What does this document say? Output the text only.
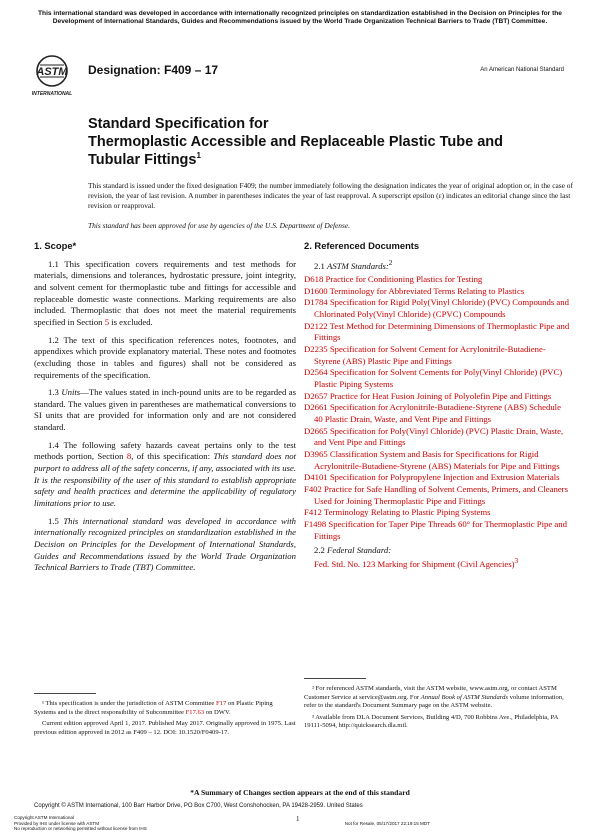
This international standard was developed in accordance with internationally recognized principles on standardization established in the Decision on Principles for the Development of International Standards, Guides and Recommendations issued by the World Trade Organization Technical Barriers to Trade (TBT) Committee.
ASTM
INTERNATIONAL
Designation: F409 – 17	An American National Standard
Standard Specification for
Thermoplastic Accessible and Replaceable Plastic Tube and
Tubular Fittings$^1$
This standard is issued under the fixed designation F409; the number immediately following the designation indicates the year of original adoption or, in the case of revision, the year of last revision. A number in parentheses indicates the year of last reapproval. A superscript epsilon (ε) indicates an editorial change since the last revision or reapproval.
This standard has been approved for use by agencies of the U.S. Department of Defense.
1. Scope*

1.1 This specification covers requirements and test methods for materials, dimensions and tolerances, hydrostatic pressure, joint integrity, and solvent cement for thermoplastic tube and fittings for accessible and replaceable domestic waste connections. Marking requirements are also included. Thermoplastic that does not meet the material requirements specified in Section 5 is excluded.

1.2 The text of this specification references notes, footnotes, and appendixes which provide explanatory material. These notes and footnotes (excluding those in tables and figures) shall not be considered as requirements of the specification.

1.3 Units—The values stated in inch-pound units are to be regarded as standard. The values given in parentheses are mathematical conversions to SI units that are provided for information only and are not considered standard.

1.4 The following safety hazards caveat pertains only to the test methods portion, Section 8, of this specification: This standard does not purport to address all of the safety concerns, if any, associated with its use. It is the responsibility of the user of this standard to establish appropriate safety and health practices and determine the applicability of regulatory limitations prior to use.

1.5 This international standard was developed in accordance with internationally recognized principles on standardization established in the Decision on Principles for the Development of International Standards, Guides and Recommendations issued by the World Trade Organization Technical Barriers to Trade (TBT) Committee.

2. Referenced Documents
2.1 ASTM Standards:$^2$

D618 Practice for Conditioning Plastics for Testing

D1600 Terminology for Abbreviated Terms Relating to Plastics

D1784 Specification for Rigid Poly(Vinyl Chloride) (PVC) Compounds and Chlorinated Poly(Vinyl Chloride) (CPVC) Compounds

D2122 Test Method for Determining Dimensions of Thermoplastic Pipe and Fittings

D2235 Specification for Solvent Cement for Acrylonitrile-Butadiene-Styrene (ABS) Plastic Pipe and Fittings

D2564 Specification for Solvent Cements for Poly(Vinyl Chloride) (PVC) Plastic Piping Systems

D2657 Practice for Heat Fusion Joining of Polyolefin Pipe and Fittings

D2661 Specification for Acrylonitrile-Butadiene-Styrene (ABS) Schedule 40 Plastic Drain, Waste, and Vent Pipe and Fittings

D2665 Specification for Poly(Vinyl Chloride) (PVC) Plastic Drain, Waste, and Vent Pipe and Fittings

D3965 Classification System and Basis for Specifications for Rigid Acrylonitrile-Butadiene-Styrene (ABS) Materials for Pipe and Fittings

D4101 Specification for Polypropylene Injection and Extrusion Materials

F402 Practice for Safe Handling of Solvent Cements, Primers, and Cleaners Used for Joining Thermoplastic Pipe and Fittings

F412 Terminology Relating to Plastic Piping Systems

F1498 Specification for Taper Pipe Threads 60° for Thermoplastic Pipe and Fittings

2.2 Federal Standard:
Fed. Std. No. 123 Marking for Shipment (Civil Agencies)$^3$

¹ This specification is under the jurisdiction of ASTM Committee F17 on Plastic Piping Systems and is the direct responsibility of Subcommittee F17.63 on DWV.

Current edition approved April 1, 2017. Published May 2017. Originally approved in 1975. Last previous edition approved in 2012 as F409 – 12. DOI: 10.1520/F0409-17.

² For referenced ASTM standards, visit the ASTM website, www.astm.org, or contact ASTM Customer Service at service@astm.org. For Annual Book of ASTM Standards volume information, refer to the standard's Document Summary page on the ASTM website.

³ Available from DLA Document Services, Building 4/D, 700 Robbins Ave., Philadelphia, PA 19111-5094, http://quicksearch.dla.mil.

*A Summary of Changes section appears at the end of this standard
Copyright © ASTM International, 100 Barr Harbor Drive, PO Box C700, West Conshohocken, PA 19428-2959. United States
Copyright ASTM International
Provided by IHS under license with ASTM
No reproduction or networking permitted without license from IHS
1
Not for Resale, 05/17/2017 22:19:15 MDT
